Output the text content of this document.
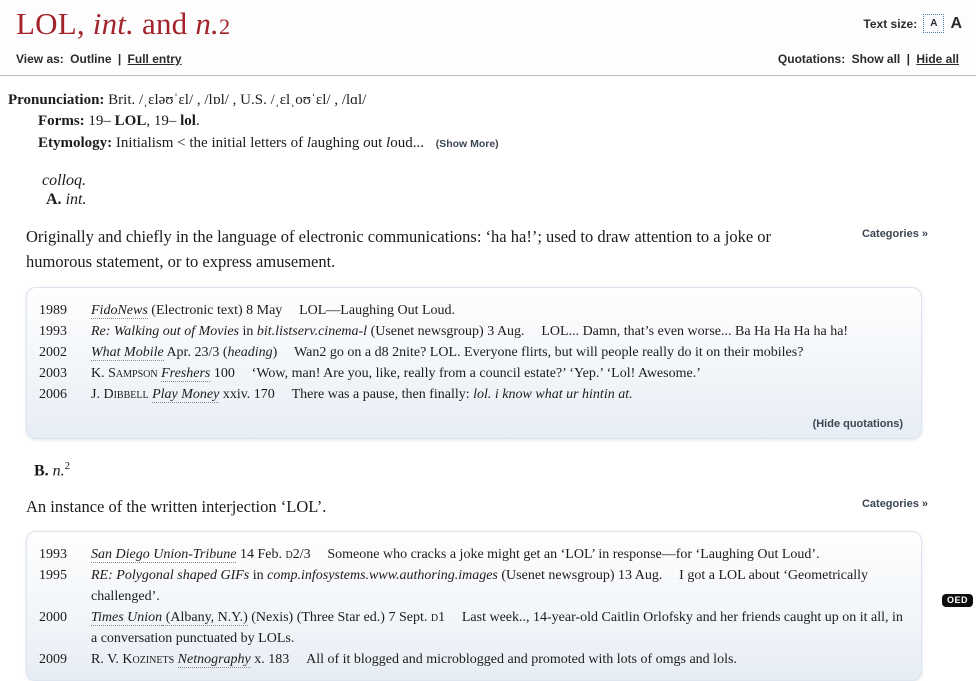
LOL, int. and n.2	Text size:	A A
View as: Outline | Full entry	Quotations: Show all | Hide all
Pronunciation: Brit. /ˌɛləʊˈɛl/ , /lɒl/ , U.S. /ˌɛlˌoʊˈɛl/ , /lɑl/
Forms: 19– LOL, 19– lol.
Etymology: Initialism < the initial letters of laughing out loud... (Show More)
colloq.
A. int.

Originally and chiefly in the language of electronic communications: ‘ha ha!’; used to draw attention to a joke or humorous statement, or to express amusement.

Categories »
1989	FidoNews (Electronic text) 8 May LOL—Laughing Out Loud.
1993	Re: Walking out of Movies in bit.listserv.cinema-l (Usenet newsgroup) 3 Aug. LOL... Damn, that’s even worse... Ba Ha Ha Ha ha ha!
2002	What Mobile Apr. 23/3 (heading) Wan2 go on a d8 2nite? LOL. Everyone flirts, but will people really do it on their mobiles?
2003	K. Sampson Freshers 100 ‘Wow, man! Are you, like, really from a council estate?’ ‘Yep.’ ‘Lol! Awesome.’
2006	J. Dibbell Play Money xxiv. 170 There was a pause, then finally: lol. i know what ur hintin at.
(Hide quotations)
B. n.$^2$

An instance of the written interjection ‘LOL’.	Categories »
1993	San Diego Union-Tribune 14 Feb. d2/3 Someone who cracks a joke might get an ‘LOL’ in response—for ‘Laughing Out Loud’.
1995	RE: Polygonal shaped GIFs in comp.infosystems.www.authoring.images (Usenet newsgroup) 13 Aug. I got a LOL about ‘Geometrically challenged’.
2000	Times Union (Albany, N.Y.) (Nexis) (Three Star ed.) 7 Sept. d1 Last week.., 14-year-old Caitlin Orlofsky and her friends caught up on it all, in a conversation punctuated by LOLs.
2009	R. V. Kozinets Netnography x. 183 All of it blogged and microblogged and promoted with lots of omgs and lols.
OED
